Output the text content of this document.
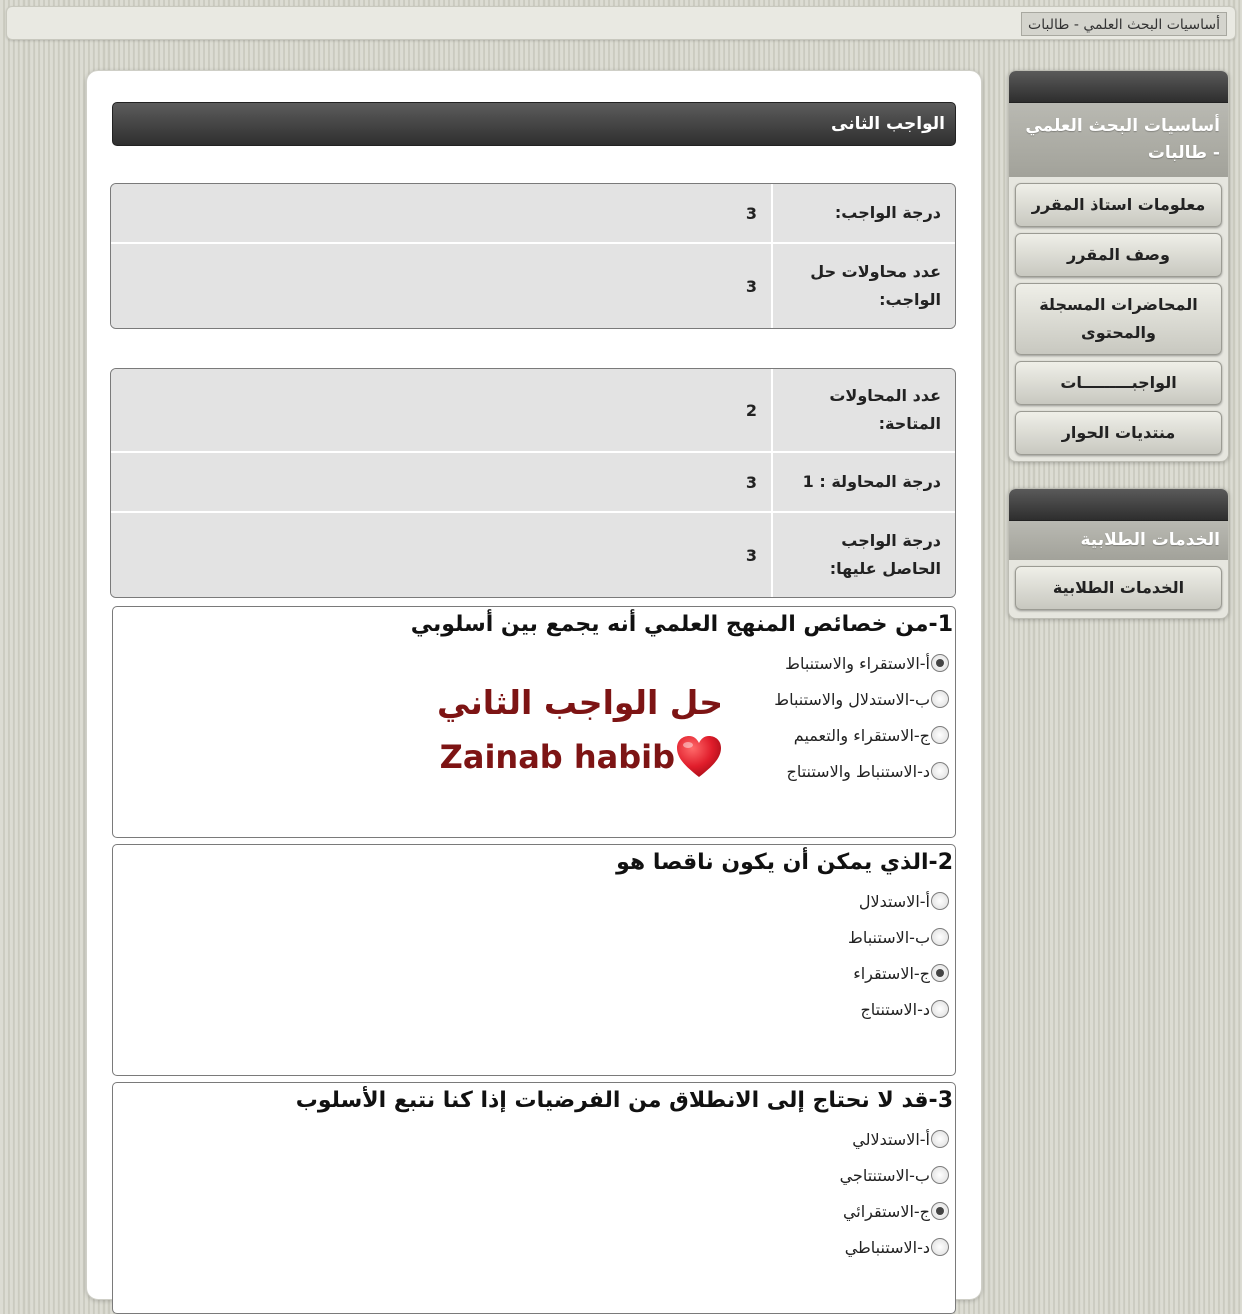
أساسيات البحث العلمي - طالبات
أساسيات البحث العلمي - طالبات
معلومات استاذ المقرر
وصف المقرر
المحاضرات المسجلة والمحتوى
الواجبـــــــــات
منتديات الحوار
الخدمات الطلابية
الخدمات الطلابية
الواجب الثانى
درجة الواجب:	3
عدد محاولات حل الواجب:	3
عدد المحاولات المتاحة:	2
درجة المحاولة : 1	3
درجة الواجب الحاصل عليها:	3
1-من خصائص المنهج العلمي أنه يجمع بين أسلوبي
أ-الاستقراء والاستنباط
ب-الاستدلال والاستنباط
ج-الاستقراء والتعميم
د-الاستنباط والاستنتاج
حل الواجب الثاني
Zainab habib
2-الذي يمكن أن يكون ناقصا هو
أ-الاستدلال
ب-الاستنباط
ج-الاستقراء
د-الاستنتاج
3-قد لا نحتاج إلى الانطلاق من الفرضيات إذا كنا نتبع الأسلوب
أ-الاستدلالي
ب-الاستنتاجي
ج-الاستقرائي
د-الاستنباطي
